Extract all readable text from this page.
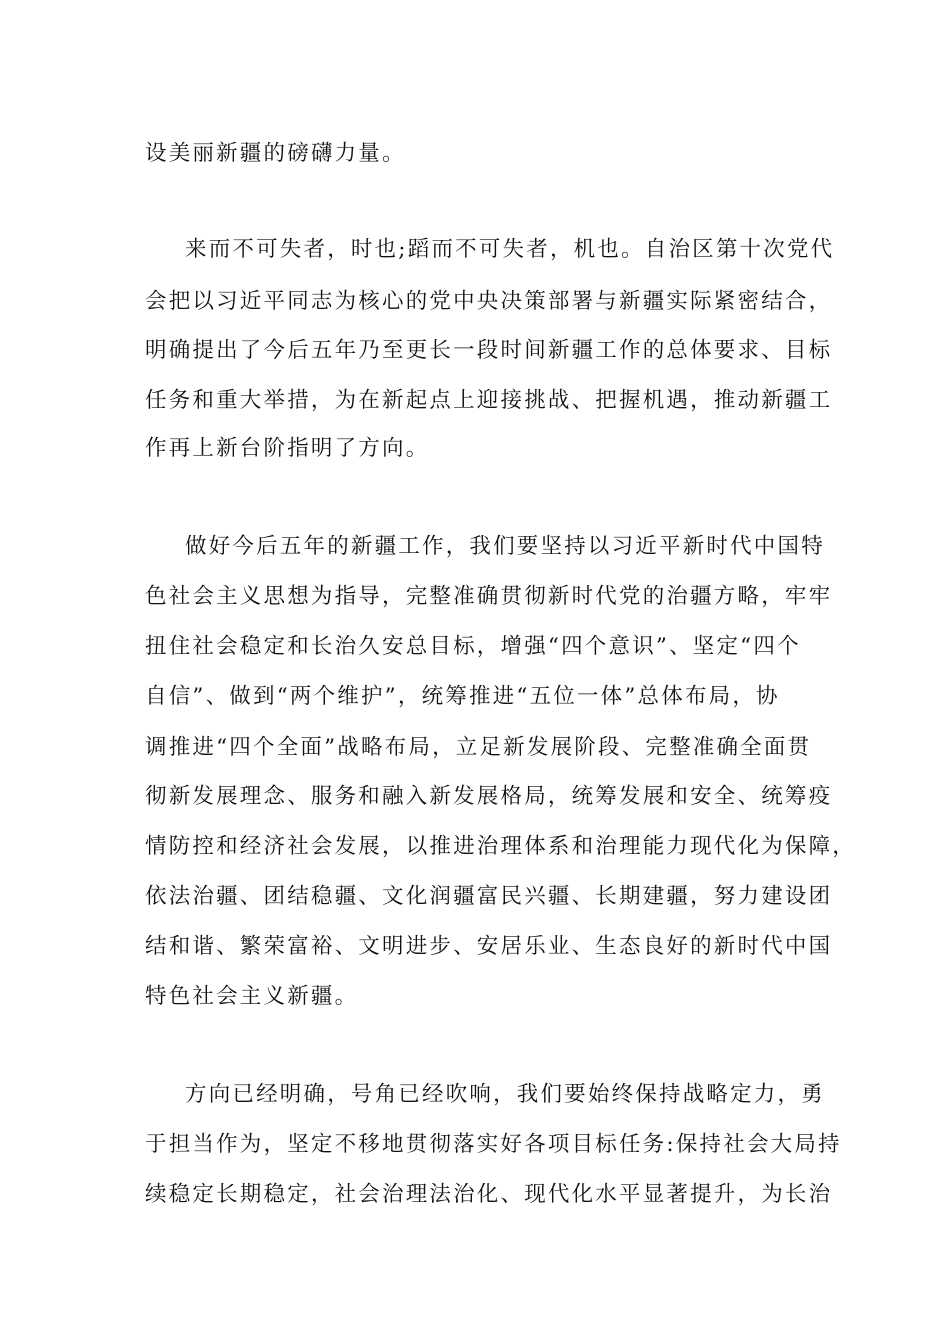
设美丽新疆的磅礴力量。
来而不可失者，时也;蹈而不可失者，机也。自治区第十次党代
会把以习近平同志为核心的党中央决策部署与新疆实际紧密结合，
明确提出了今后五年乃至更长一段时间新疆工作的总体要求、目标
任务和重大举措，为在新起点上迎接挑战、把握机遇，推动新疆工
作再上新台阶指明了方向。
做好今后五年的新疆工作，我们要坚持以习近平新时代中国特
色社会主义思想为指导，完整准确贯彻新时代党的治疆方略，牢牢
扭住社会稳定和长治久安总目标，增强“四个意识”、坚定“四个
自信”、做到“两个维护”，统筹推进“五位一体”总体布局，协
调推进“四个全面”战略布局，立足新发展阶段、完整准确全面贯
彻新发展理念、服务和融入新发展格局，统筹发展和安全、统筹疫
情防控和经济社会发展，以推进治理体系和治理能力现代化为保障，
依法治疆、团结稳疆、文化润疆富民兴疆、长期建疆，努力建设团
结和谐、繁荣富裕、文明进步、安居乐业、生态良好的新时代中国
特色社会主义新疆。
方向已经明确，号角已经吹响，我们要始终保持战略定力，勇
于担当作为，坚定不移地贯彻落实好各项目标任务:保持社会大局持
续稳定长期稳定，社会治理法治化、现代化水平显著提升，为长治
